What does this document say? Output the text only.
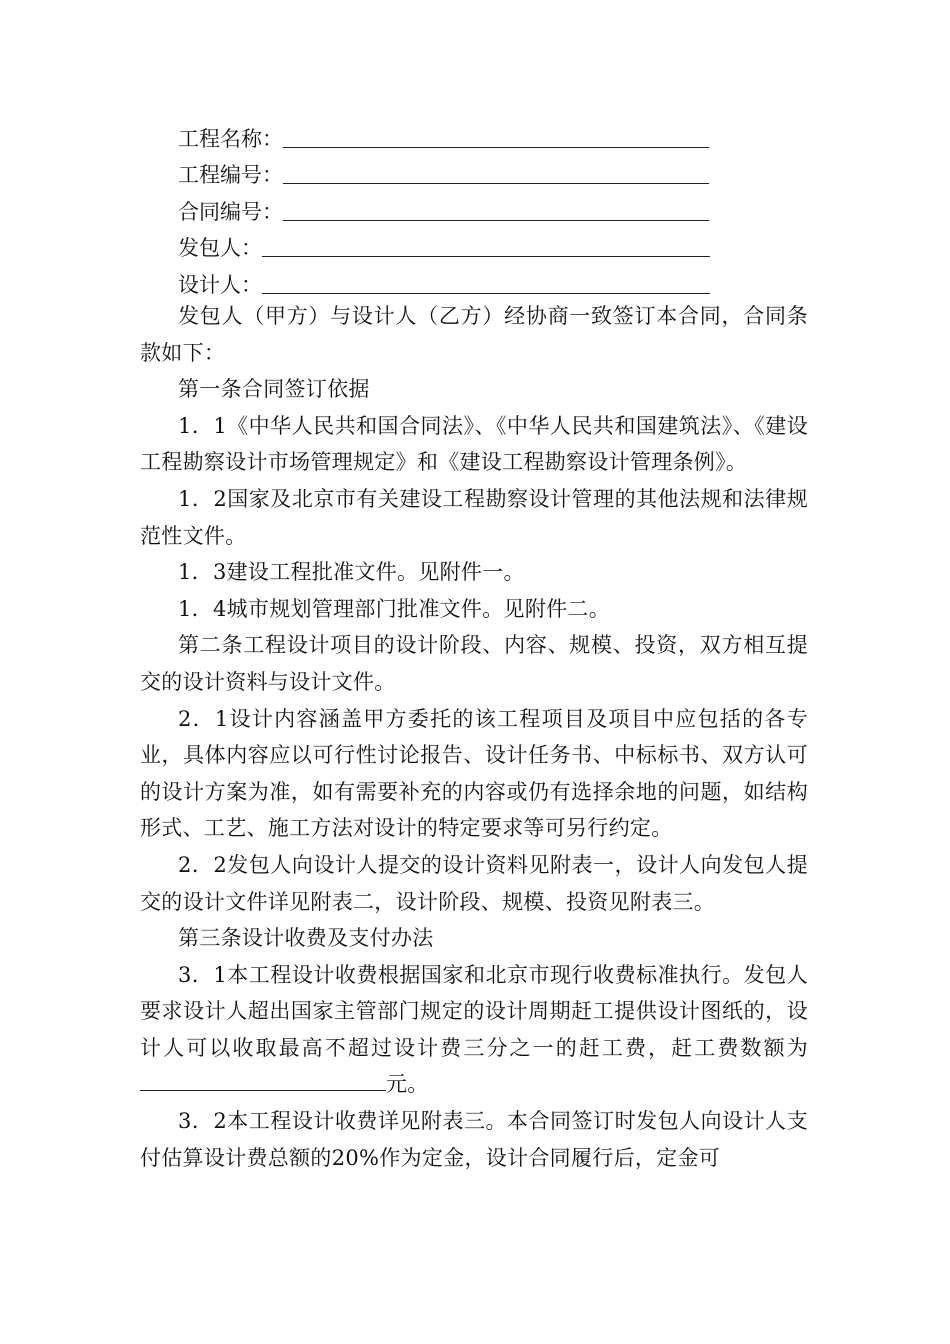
工程名称：
工程编号：
合同编号：
发包人：
设计人：

发包人（甲方）与设计人（乙方）经协商一致签订本合同，合同条款如下：

第一条合同签订依据

1．1《中华人民共和国合同法》、《中华人民共和国建筑法》、《建设工程勘察设计市场管理规定》和《建设工程勘察设计管理条例》。

1．2国家及北京市有关建设工程勘察设计管理的其他法规和法律规范性文件。

1．3建设工程批准文件。见附件一。

1．4城市规划管理部门批准文件。见附件二。

第二条工程设计项目的设计阶段、内容、规模、投资，双方相互提交的设计资料与设计文件。

2．1设计内容涵盖甲方委托的该工程项目及项目中应包括的各专业，具体内容应以可行性讨论报告、设计任务书、中标标书、双方认可的设计方案为准，如有需要补充的内容或仍有选择余地的问题，如结构形式、工艺、施工方法对设计的特定要求等可另行约定。

2．2发包人向设计人提交的设计资料见附表一，设计人向发包人提交的设计文件详见附表二，设计阶段、规模、投资见附表三。

第三条设计收费及支付办法

3．1本工程设计收费根据国家和北京市现行收费标准执行。发包人要求设计人超出国家主管部门规定的设计周期赶工提供设计图纸的，设计人可以收取最高不超过设计费三分之一的赶工费，赶工费数额为元。

3．2本工程设计收费详见附表三。本合同签订时发包人向设计人支付估算设计费总额的20%作为定金，设计合同履行后，定金可
